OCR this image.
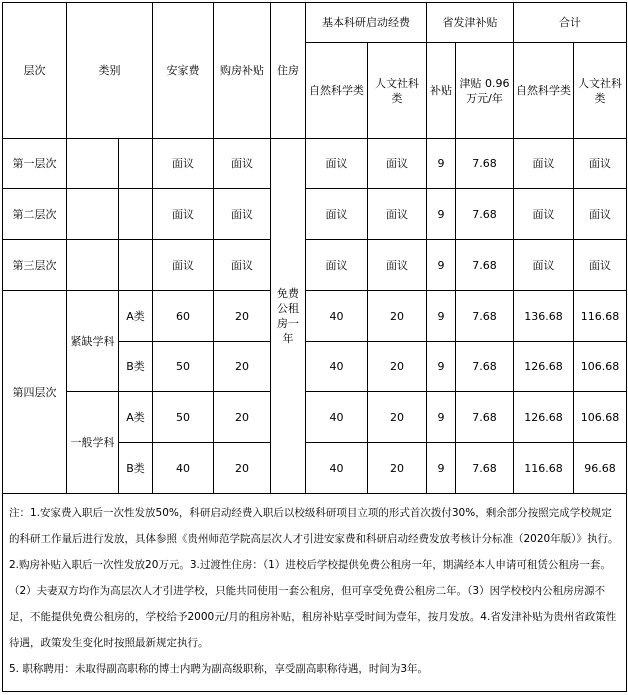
层次	类别		安家费	购房补贴	住房	基本科研启动经费		省发津补贴		合计	
						自然科学类	人文社科类	补贴	津贴 0.96 万元/年	自然科学类	人文社科类
第一层次			面议	面议	免费公租房一年	面议	面议	9	7.68	面议	面议
第二层次			面议	面议		面议	面议	9	7.68	面议	面议
第三层次			面议	面议		面议	面议	9	7.68	面议	面议
第四层次	紧缺学科	A类	60	20		40	20	9	7.68	136.68	116.68
		B类	50	20		40	20	9	7.68	126.68	106.68
	一般学科	A类	50	20		40	20	9	7.68	126.68	106.68
		B类	40	20		40	20	9	7.68	116.68	96.68

注：1.安家费入职后一次性发放50%，科研启动经费入职后以校级科研项目立项的形式首次拨付30%，剩余部分按照完成学校规定的科研工作量后进行发放，具体参照《贵州师范学院高层次人才引进安家费和科研启动经费发放考核计分标准（2020年版）》执行。2.购房补贴入职后一次性发放20万元。3.过渡性住房：（1）进校后学校提供免费公租房一年，期满经本人申请可租赁公租房一套。（2）夫妻双方均作为高层次人才引进学校，只能共同使用一套公租房，但可享受免费公租房二年。（3）因学校校内公租房房源不足，不能提供免费公租房的，学校给予2000元/月的租房补贴，租房补贴享受时间为壹年，按月发放。4.省发津补贴为贵州省政策性待遇，政策发生变化时按照最新规定执行。
5. 职称聘用：未取得副高职称的博士内聘为副高级职称，享受副高职称待遇，时间为3年。											
